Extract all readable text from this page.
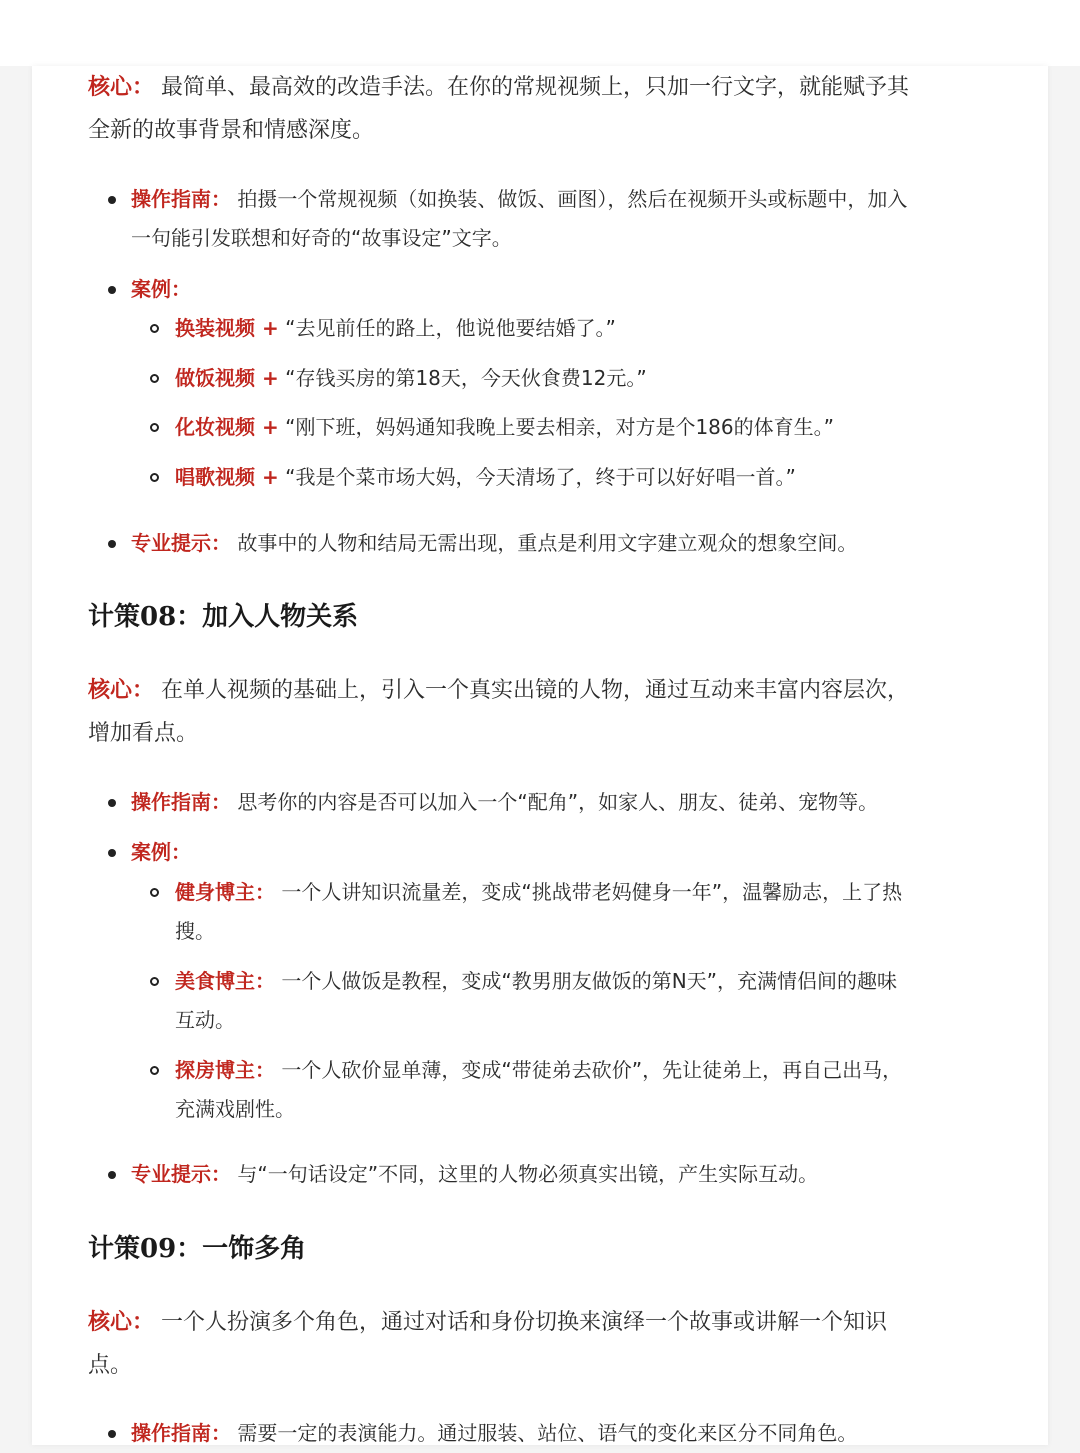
核心： 最简单、最高效的改造手法。在你的常规视频上，只加一行文字，就能赋予其
全新的故事背景和情感深度。
操作指南： 拍摄一个常规视频（如换装、做饭、画图），然后在视频开头或标题中，加入
一句能引发联想和好奇的“故事设定”文字。
案例：
换装视频 + “去见前任的路上，他说他要结婚了。”
做饭视频 + “存钱买房的第18天，今天伙食费12元。”
化妆视频 + “刚下班，妈妈通知我晚上要去相亲，对方是个186的体育生。”
唱歌视频 + “我是个菜市场大妈，今天清场了，终于可以好好唱一首。”
专业提示： 故事中的人物和结局无需出现，重点是利用文字建立观众的想象空间。
计策08：加入人物关系
核心： 在单人视频的基础上，引入一个真实出镜的人物，通过互动来丰富内容层次，
增加看点。
操作指南： 思考你的内容是否可以加入一个“配角”，如家人、朋友、徒弟、宠物等。
案例：
健身博主： 一个人讲知识流量差，变成“挑战带老妈健身一年”，温馨励志，上了热
搜。
美食博主： 一个人做饭是教程，变成“教男朋友做饭的第N天”，充满情侣间的趣味
互动。
探房博主： 一个人砍价显单薄，变成“带徒弟去砍价”，先让徒弟上，再自己出马，
充满戏剧性。
专业提示： 与“一句话设定”不同，这里的人物必须真实出镜，产生实际互动。
计策09：一饰多角
核心： 一个人扮演多个角色，通过对话和身份切换来演绎一个故事或讲解一个知识
点。
操作指南： 需要一定的表演能力。通过服装、站位、语气的变化来区分不同角色。
